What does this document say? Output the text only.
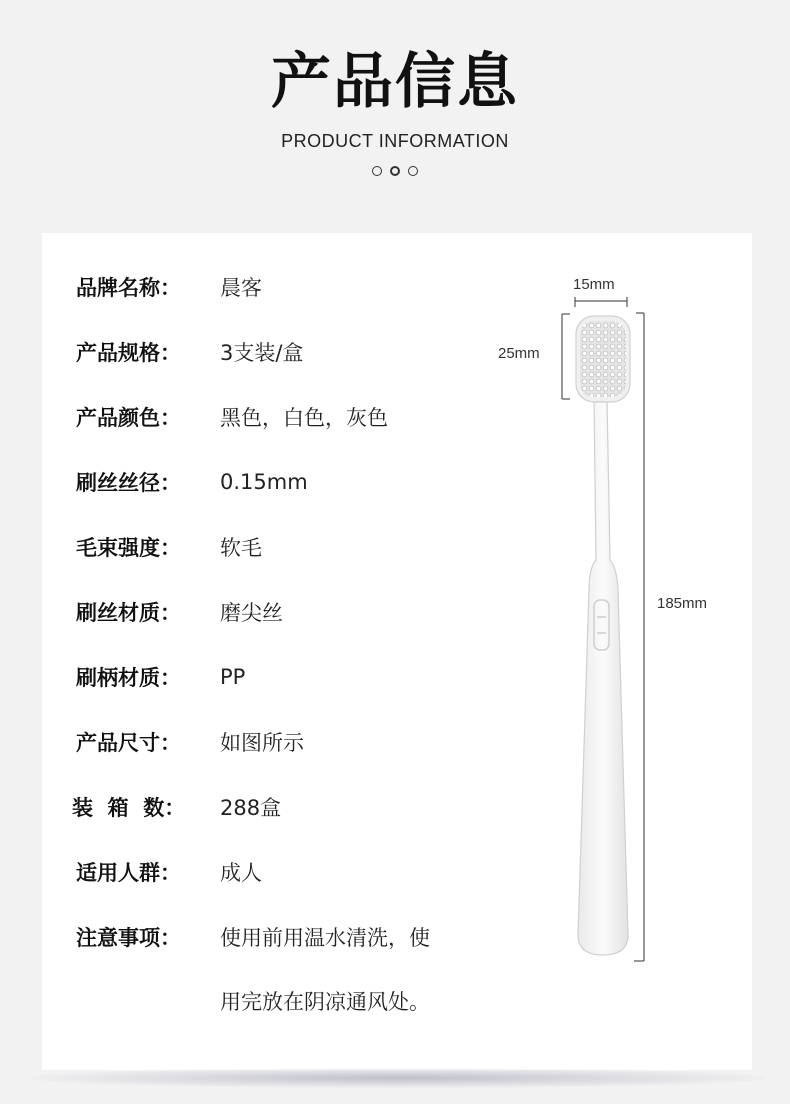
产品信息
PRODUCT INFORMATION
品牌名称：	晨客
产品规格：	3支装/盒
产品颜色：	黑色，白色，灰色
刷丝丝径：	0.15mm
毛束强度：	软毛
刷丝材质：	磨尖丝
刷柄材质：	PP
产品尺寸：	如图所示
装  箱  数：	288盒
适用人群：	成人
注意事项：	使用前用温水清洗，使
用完放在阴凉通风处。
15mm
25mm
185mm
